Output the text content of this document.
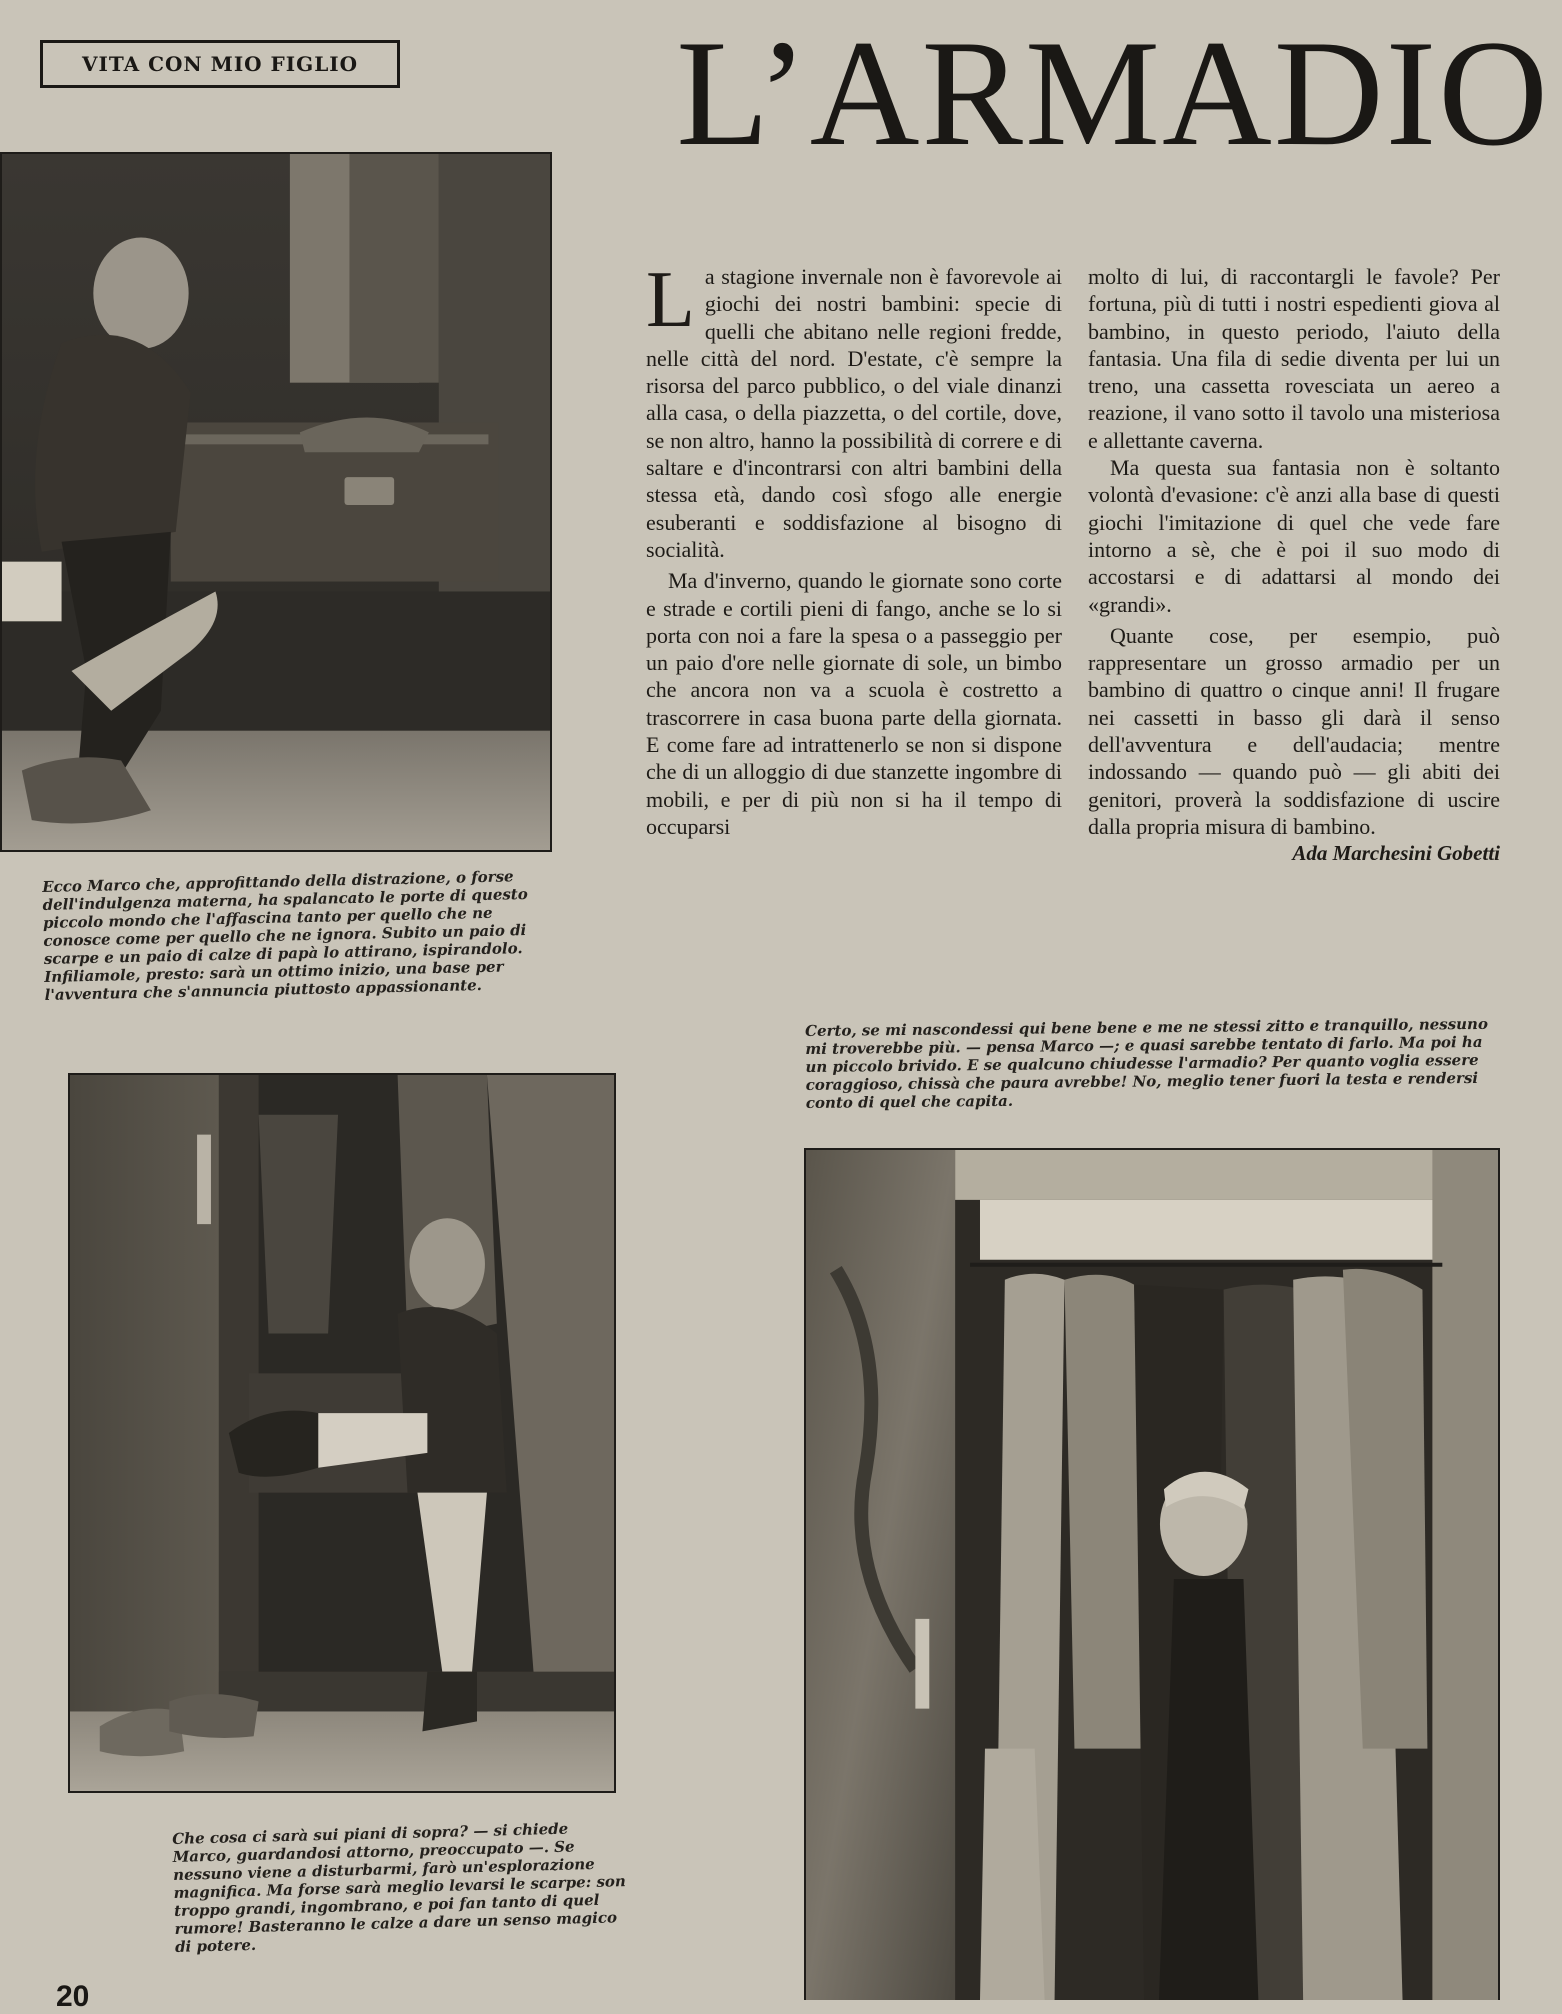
VITA CON MIO FIGLIO L’ARMADIO
Ecco Marco che, approfittando della distrazione, o forse dell'indulgenza materna, ha spalancato le porte di questo piccolo mondo che l'affascina tanto per quello che ne conosce come per quello che ne ignora. Subito un paio di scarpe e un paio di calze di papà lo attirano, ispirandolo. Infiliamole, presto: sarà un ottimo inizio, una base per l'avventura che s'annuncia piuttosto appassionante.

La stagione invernale non è favorevole ai giochi dei nostri bambini: specie di quelli che abitano nelle regioni fredde, nelle città del nord. D'estate, c'è sempre la risorsa del parco pubblico, o del viale dinanzi alla casa, o della piazzetta, o del cortile, dove, se non altro, hanno la possibilità di correre e di saltare e d'incontrarsi con altri bambini della stessa età, dando così sfogo alle energie esuberanti e soddisfazione al bisogno di socialità.

Ma d'inverno, quando le giornate sono corte e strade e cortili pieni di fango, anche se lo si porta con noi a fare la spesa o a passeggio per un paio d'ore nelle giornate di sole, un bimbo che ancora non va a scuola è costretto a trascorrere in casa buona parte della giornata. E come fare ad intrattenerlo se non si dispone che di un alloggio di due stanzette ingombre di mobili, e per di più non si ha il tempo di occuparsi

molto di lui, di raccontargli le favole? Per fortuna, più di tutti i nostri espedienti giova al bambino, in questo periodo, l'aiuto della fantasia. Una fila di sedie diventa per lui un treno, una cassetta rovesciata un aereo a reazione, il vano sotto il tavolo una misteriosa e allettante caverna.

Ma questa sua fantasia non è soltanto volontà d'evasione: c'è anzi alla base di questi giochi l'imitazione di quel che vede fare intorno a sè, che è poi il suo modo di accostarsi e di adattarsi al mondo dei «grandi».

Quante cose, per esempio, può rappresentare un grosso armadio per un bambino di quattro o cinque anni! Il frugare nei cassetti in basso gli darà il senso dell'avventura e dell'audacia; mentre indossando — quando può — gli abiti dei genitori, proverà la soddisfazione di uscire dalla propria misura di bambino.

Ada Marchesini Gobetti
Certo, se mi nascondessi qui bene bene e me ne stessi zitto e tranquillo, nessuno mi troverebbe più. — pensa Marco —; e quasi sarebbe tentato di farlo. Ma poi ha un piccolo brivido. E se qualcuno chiudesse l'armadio? Per quanto voglia essere coraggioso, chissà che paura avrebbe! No, meglio tener fuori la testa e rendersi conto di quel che capita.
Che cosa ci sarà sui piani di sopra? — si chiede Marco, guardandosi attorno, preoccupato —. Se nessuno viene a disturbarmi, farò un'esplorazione magnifica. Ma forse sarà meglio levarsi le scarpe: son troppo grandi, ingombrano, e poi fan tanto di quel rumore! Basteranno le calze a dare un senso magico di potere.
20
